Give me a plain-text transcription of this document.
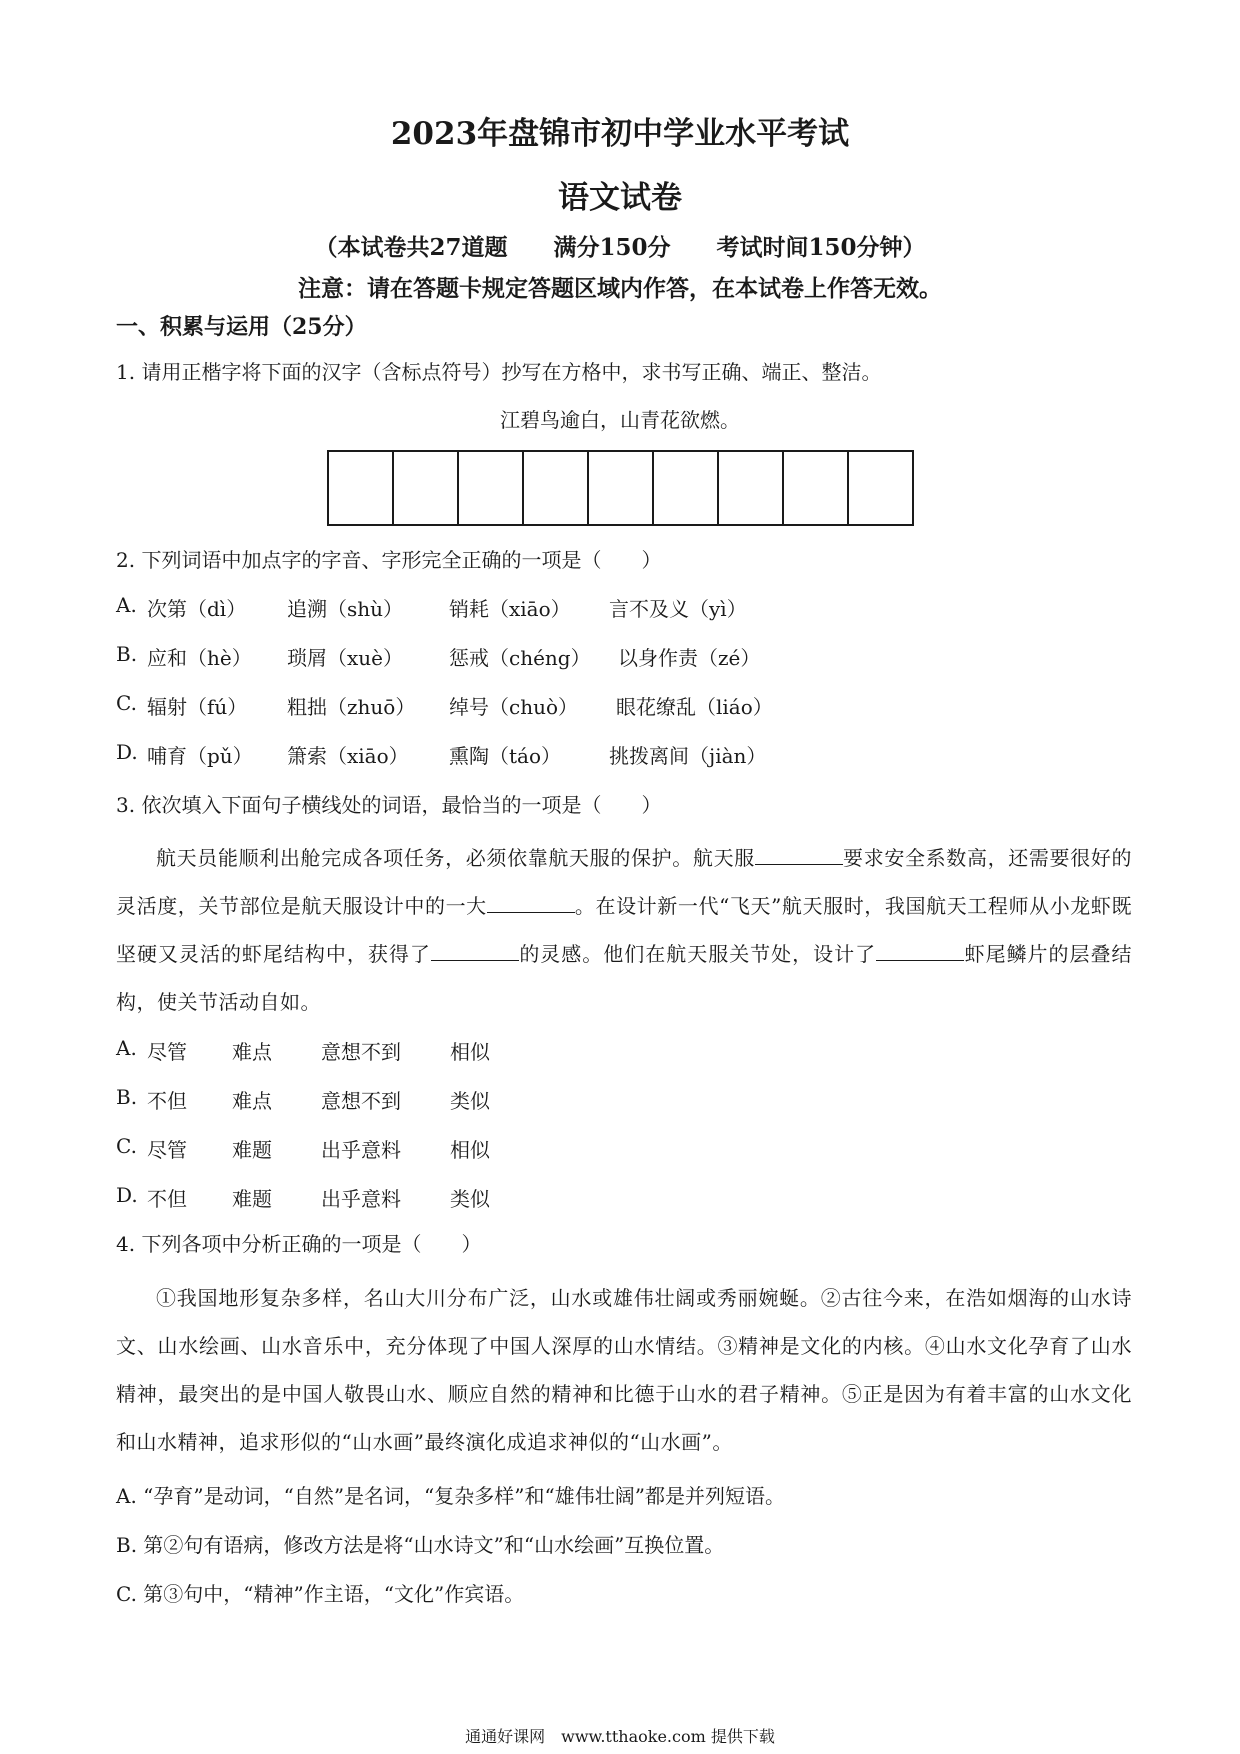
2023年盘锦市初中学业水平考试
语文试卷
（本试卷共27道题　　满分150分　　考试时间150分钟）
注意：请在答题卡规定答题区域内作答，在本试卷上作答无效。
一、积累与运用（25分）
1. 请用正楷字将下面的汉字（含标点符号）抄写在方格中，求书写正确、端正、整洁。
江碧鸟逾白，山青花欲燃。
2. 下列词语中加点字的字音、字形完全正确的一项是（　　）
A. 次第（dì） 追溯（shù） 销耗（xiāo） 言不及义（yì）
B. 应和（hè） 琐屑（xuè） 惩戒（chéng） 以身作责（zé）
C. 辐射（fú） 粗拙（zhuō） 绰号（chuò） 眼花缭乱（liáo）
D. 哺育（pǔ） 箫索（xiāo） 熏陶（táo） 挑拨离间（jiàn）
3. 依次填入下面句子横线处的词语，最恰当的一项是（　　）
航天员能顺利出舱完成各项任务，必须依靠航天服的保护。航天服	要求安全系数高，还需要很好的灵活度，关节部位是航天服设计中的一大	。在设计新一代“飞天”航天服时，我国航天工程师从小龙虾既坚硬又灵活的虾尾结构中，获得了	的灵感。他们在航天服关节处，设计了	虾尾鳞片的层叠结构，使关节活动自如。
A. 尽管 难点 意想不到 相似
B. 不但 难点 意想不到 类似
C. 尽管 难题 出乎意料 相似
D. 不但 难题 出乎意料 类似
4. 下列各项中分析正确的一项是（　　）
①我国地形复杂多样，名山大川分布广泛，山水或雄伟壮阔或秀丽婉蜒。②古往今来，在浩如烟海的山水诗文、山水绘画、山水音乐中，充分体现了中国人深厚的山水情结。③精神是文化的内核。④山水文化孕育了山水精神，最突出的是中国人敬畏山水、顺应自然的精神和比德于山水的君子精神。⑤正是因为有着丰富的山水文化和山水精神，追求形似的“山水画”最终演化成追求神似的“山水画”。
A. “孕育”是动词，“自然”是名词，“复杂多样”和“雄伟壮阔”都是并列短语。
B. 第②句有语病，修改方法是将“山水诗文”和“山水绘画”互换位置。
C. 第③句中，“精神”作主语，“文化”作宾语。
通通好课网　www.tthaoke.com 提供下载
